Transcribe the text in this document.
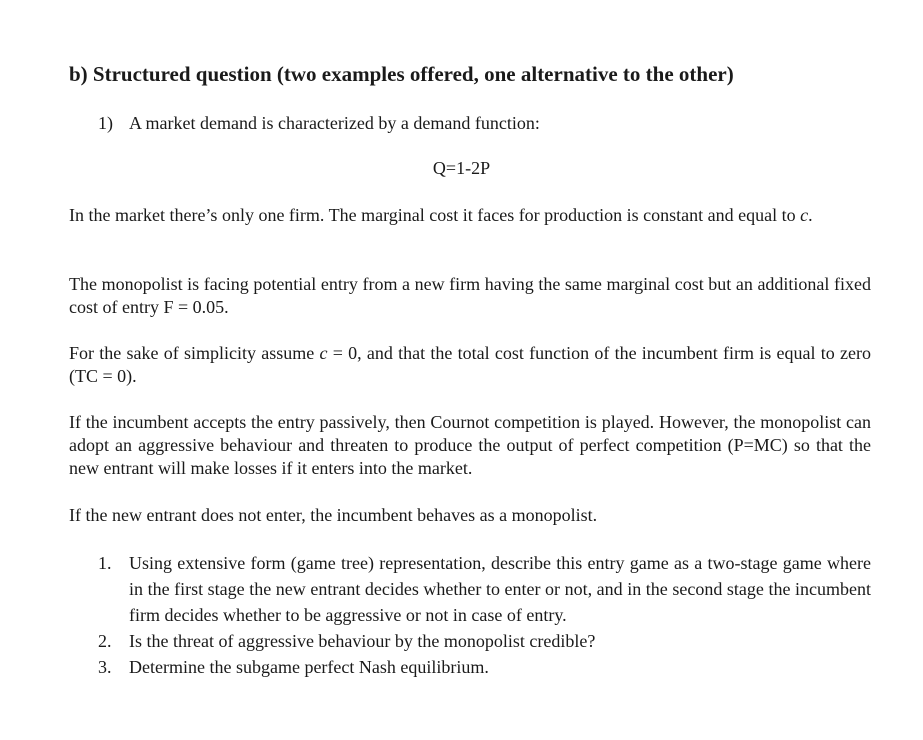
b) Structured question (two examples offered, one alternative to the other)

1) A market demand is characterized by a demand function:

Q=1-2P

In the market there’s only one firm. The marginal cost it faces for production is constant and equal to c.

The monopolist is facing potential entry from a new firm having the same marginal cost but an additional fixed cost of entry F = 0.05.

For the sake of simplicity assume c = 0, and that the total cost function of the incumbent firm is equal to zero (TC = 0).

If the incumbent accepts the entry passively, then Cournot competition is played. However, the monopolist can adopt an aggressive behaviour and threaten to produce the output of perfect competition (P=MC) so that the new entrant will make losses if it enters into the market.

If the new entrant does not enter, the incumbent behaves as a monopolist.

1. Using extensive form (game tree) representation, describe this entry game as a two-stage game where in the first stage the new entrant decides whether to enter or not, and in the second stage the incumbent firm decides whether to be aggressive or not in case of entry.
2. Is the threat of aggressive behaviour by the monopolist credible?
3. Determine the subgame perfect Nash equilibrium.
